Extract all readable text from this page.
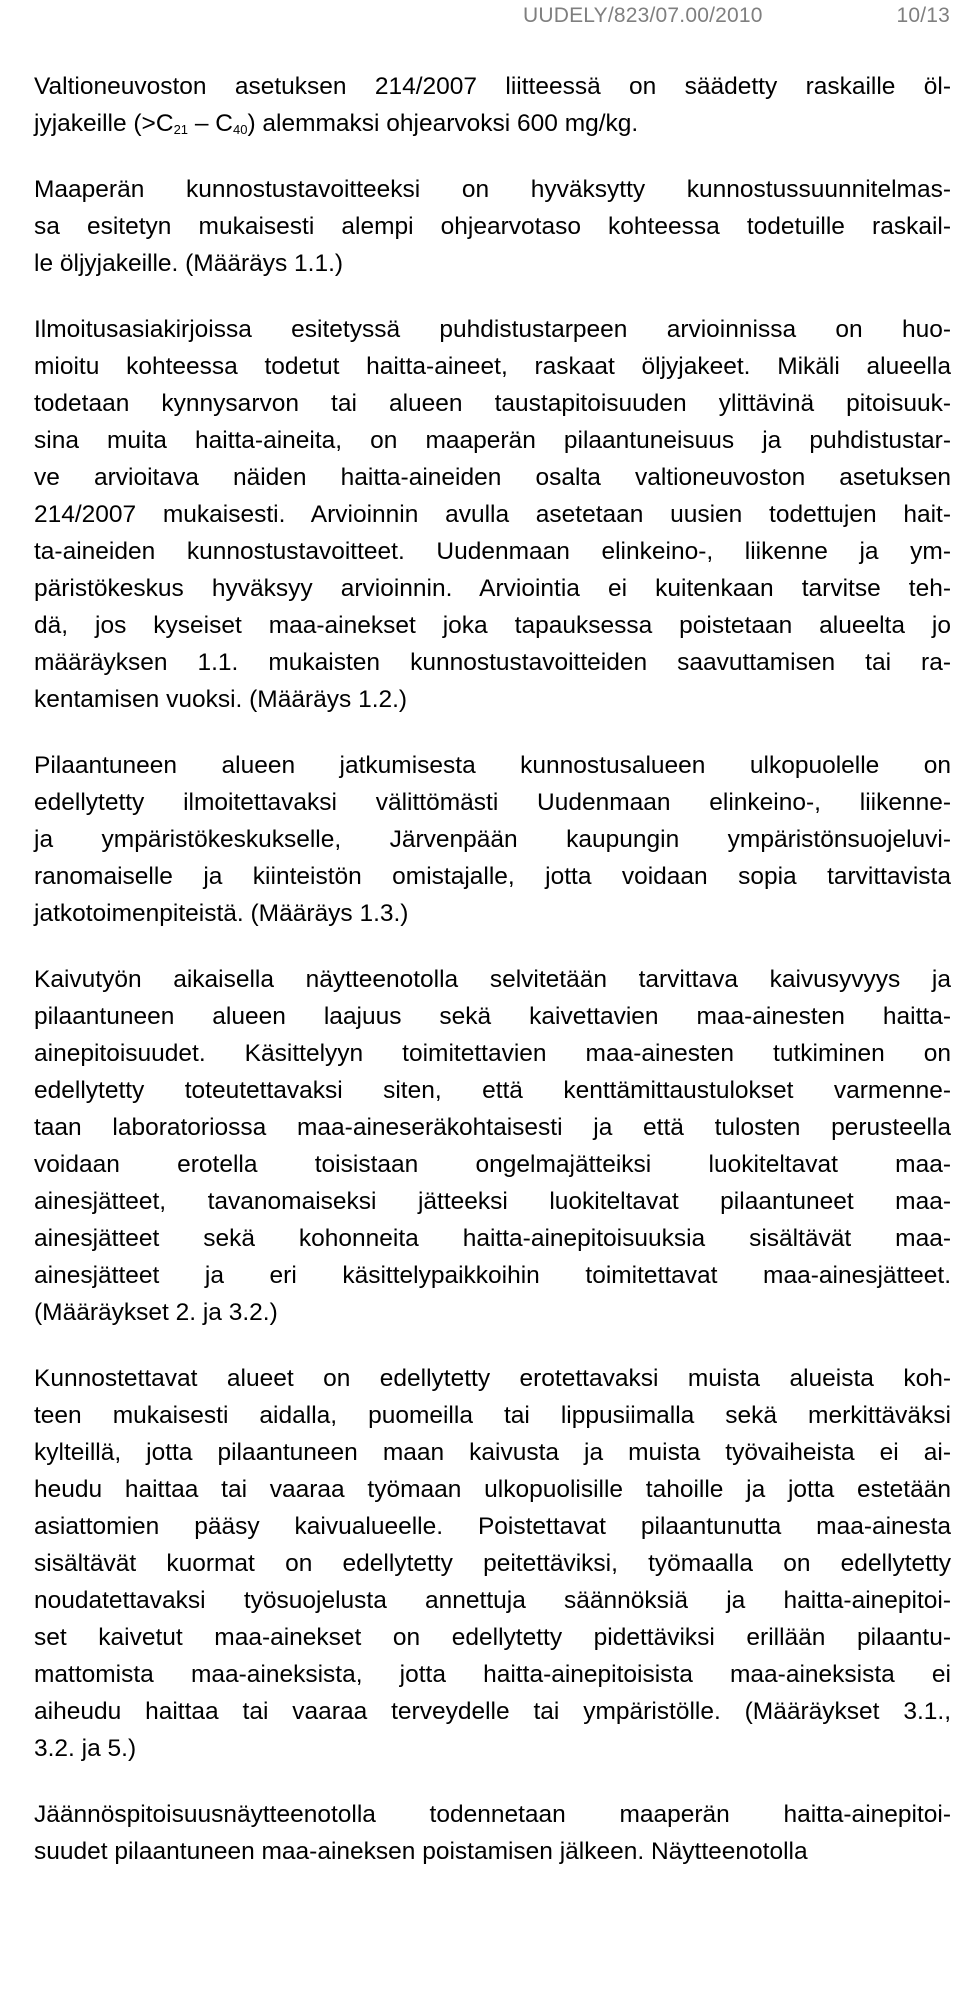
UUDELY/823/07.00/2010	10/13
Valtioneuvoston asetuksen 214/2007 liitteessä on säädetty raskaille öl-
jyjakeille $(>C_{21} - C_{40})$ alemmaksi ohjearvoksi 600 mg/kg.
Maaperän kunnostustavoitteeksi on hyväksytty kunnostussuunnitelmas-
sa esitetyn mukaisesti alempi ohjearvotaso kohteessa todetuille raskail-
le öljyjakeille. (Määräys 1.1.)
Ilmoitusasiakirjoissa esitetyssä puhdistustarpeen arvioinnissa on huo-
mioitu kohteessa todetut haitta-aineet, raskaat öljyjakeet. Mikäli alueella
todetaan kynnysarvon tai alueen taustapitoisuuden ylittävinä pitoisuuk-
sina muita haitta-aineita, on maaperän pilaantuneisuus ja puhdistustar-
ve arvioitava näiden haitta-aineiden osalta valtioneuvoston asetuksen
214/2007 mukaisesti. Arvioinnin avulla asetetaan uusien todettujen hait-
ta-aineiden kunnostustavoitteet. Uudenmaan elinkeino-, liikenne ja ym-
päristökeskus hyväksyy arvioinnin. Arviointia ei kuitenkaan tarvitse teh-
dä, jos kyseiset maa-ainekset joka tapauksessa poistetaan alueelta jo
määräyksen 1.1. mukaisten kunnostustavoitteiden saavuttamisen tai ra-
kentamisen vuoksi. (Määräys 1.2.)
Pilaantuneen alueen jatkumisesta kunnostusalueen ulkopuolelle on
edellytetty ilmoitettavaksi välittömästi Uudenmaan elinkeino-, liikenne-
ja ympäristökeskukselle, Järvenpään kaupungin ympäristönsuojeluvi-
ranomaiselle ja kiinteistön omistajalle, jotta voidaan sopia tarvittavista
jatkotoimenpiteistä. (Määräys 1.3.)
Kaivutyön aikaisella näytteenotolla selvitetään tarvittava kaivusyvyys ja
pilaantuneen alueen laajuus sekä kaivettavien maa-ainesten haitta-
ainepitoisuudet. Käsittelyyn toimitettavien maa-ainesten tutkiminen on
edellytetty toteutettavaksi siten, että kenttämittaustulokset varmenne-
taan laboratoriossa maa-aineseräkohtaisesti ja että tulosten perusteella
voidaan erotella toisistaan ongelmajätteiksi luokiteltavat maa-
ainesjätteet, tavanomaiseksi jätteeksi luokiteltavat pilaantuneet maa-
ainesjätteet sekä kohonneita haitta-ainepitoisuuksia sisältävät maa-
ainesjätteet ja eri käsittelypaikkoihin toimitettavat maa-ainesjätteet.
(Määräykset 2. ja 3.2.)
Kunnostettavat alueet on edellytetty erotettavaksi muista alueista koh-
teen mukaisesti aidalla, puomeilla tai lippusiimalla sekä merkittäväksi
kylteillä, jotta pilaantuneen maan kaivusta ja muista työvaiheista ei ai-
heudu haittaa tai vaaraa työmaan ulkopuolisille tahoille ja jotta estetään
asiattomien pääsy kaivualueelle. Poistettavat pilaantunutta maa-ainesta
sisältävät kuormat on edellytetty peitettäviksi, työmaalla on edellytetty
noudatettavaksi työsuojelusta annettuja säännöksiä ja haitta-ainepitoi-
set kaivetut maa-ainekset on edellytetty pidettäviksi erillään pilaantu-
mattomista maa-aineksista, jotta haitta-ainepitoisista maa-aineksista ei
aiheudu haittaa tai vaaraa terveydelle tai ympäristölle. (Määräykset 3.1.,
3.2. ja 5.)
Jäännöspitoisuusnäytteenotolla todennetaan maaperän haitta-ainepitoi-
suudet pilaantuneen maa-aineksen poistamisen jälkeen. Näytteenotolla
